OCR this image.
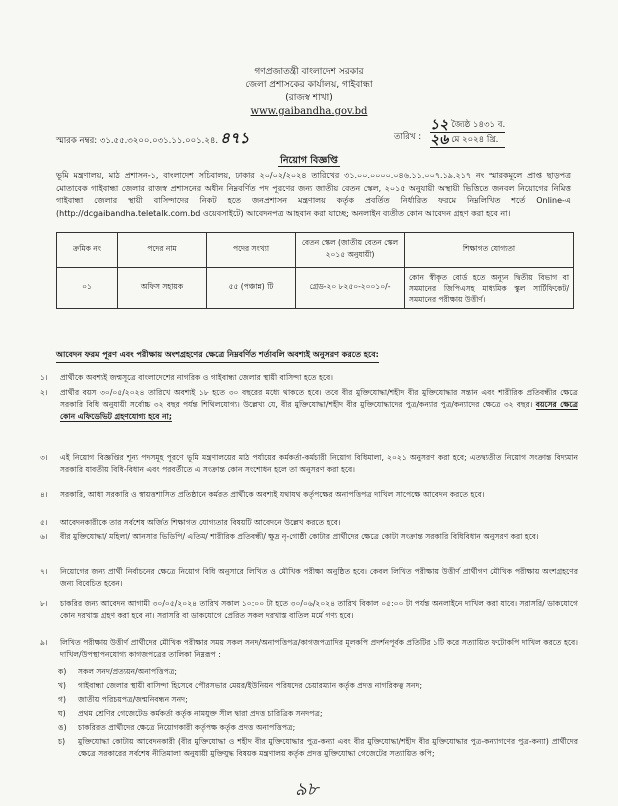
গণপ্রজাতন্ত্রী বাংলাদেশ সরকার
জেলা প্রশাসকের কার্যালয়, গাইবান্ধা
(রাজস্ব শাখা)
www.gaibandha.gov.bd
স্মারক নম্বর: ৩১.৫৫.৩২০০.০৩১.১১.০০১.২৪. ৪৭১	তারিখ :
১২ জ্যৈষ্ঠ ১৪৩১ ব.
২৬ মে ২০২৪ খ্রি.
নিয়োগ বিজ্ঞপ্তি
ভূমি মন্ত্রণালয়, মাঠ প্রশাসন-১, বাংলাদেশ সচিবালয়, ঢাকার ২০/০২/২০২৪ তারিখের ৩১.০০.০০০০.০৪৬.১১.০০৭.১৯.২১৭ নং স্মারকমূলে প্রাপ্ত ছাড়পত্র মোতাবেক গাইবান্ধা জেলার রাজস্ব প্রশাসনের অধীন নিম্নবর্ণিত পদ পূরণের জন্য জাতীয় বেতন স্কেল, ২০১৫ অনুযায়ী অস্থায়ী ভিত্তিতে জনবল নিয়োগের নিমিত্ত গাইবান্ধা জেলার স্থায়ী বাসিন্দাদের নিকট হতে জনপ্রশাসন মন্ত্রণালয় কর্তৃক প্রবর্তিত নির্ধারিত ফরমে নিম্নলিখিত শর্তে Online-এ (http://dcgaibandha.teletalk.com.bd ওয়েবসাইটে) আবেদনপত্র আহবান করা যাচ্ছে; অনলাইন ব্যতীত কোন আবেদন গ্রহণ করা হবে না।
ক্রমিক নং	পদের নাম	পদের সংখ্যা	বেতন স্কেল (জাতীয় বেতন স্কেল ২০১৫ অনুযায়ী)	শিক্ষাগত যোগ্যতা
০১	অফিস সহায়ক	৫৫ (পঞ্চান্ন) টি	গ্রেড-২০ ৮২৫০-২০০১০/-	কোন স্বীকৃত বোর্ড হতে অন্যূন দ্বিতীয় বিভাগ বা সমমানের জিপিএসহ মাধ্যমিক স্কুল সার্টিফিকেট/ সমমানের পরীক্ষায় উত্তীর্ণ।
আবেদন ফরম পূরণ এবং পরীক্ষায় অংশগ্রহণের ক্ষেত্রে নিম্নবর্ণিত শর্তাবলি অবশ্যই অনুসরণ করতে হবে:
১।	প্রার্থীকে অবশ্যই জন্মসূত্রে বাংলাদেশের নাগরিক ও গাইবান্ধা জেলার স্থায়ী বাসিন্দা হতে হবে।
২।	প্রার্থীর বয়স ৩০/০৫/২০২৪ তারিখে অবশ্যই ১৮ হতে ৩০ বছরের মধ্যে থাকতে হবে। তবে বীর মুক্তিযোদ্ধা/শহীদ বীর মুক্তিযোদ্ধার সন্তান এবং শারীরিক প্রতিবন্ধীর ক্ষেত্রে সরকারি বিধি অনুযায়ী সর্বোচ্চ ৩২ বছর পর্যন্ত শিথিলযোগ্য। উল্লেখ্য যে, বীর মুক্তিযোদ্ধা/শহীদ বীর মুক্তিযোদ্ধাদের পুত্র/কন্যার পুত্র/কন্যাদের ক্ষেত্রে ৩২ বছর। বয়সের ক্ষেত্রে কোন এফিডেভিট গ্রহণযোগ্য হবে না;
৩।	এই নিয়োগ বিজ্ঞপ্তির শূন্য পদসমূহ পূরণে ভূমি মন্ত্রণালয়ের মাঠ পর্যায়ের কর্মকর্তা-কর্মচারী নিয়োগ বিধিমালা, ২০২১ অনুসরণ করা হবে; এতদ্ব্যতীত নিয়োগ সংক্রান্ত বিদ্যমান সরকারি যাবতীয় বিধি-বিধান এবং পরবর্তীতে এ সংক্রান্ত কোন সংশোধন হলে তা অনুসরণ করা হবে।
৪।	সরকারি, আধা সরকারি ও স্বায়ত্তশাসিত প্রতিষ্ঠানে কর্মরত প্রার্থীকে অবশ্যই যথাযথ কর্তৃপক্ষের অনাপত্তিপত্র দাখিল সাপেক্ষে আবেদন করতে হবে।
৫।	আবেদনকারীকে তার সর্বশেষ অর্জিত শিক্ষাগত যোগ্যতার বিষয়টি আবেদনে উল্লেখ করতে হবে।
৬।	বীর মুক্তিযোদ্ধা/ মহিলা/ আনসার ভিডিপি/ এতিম/ শারীরিক প্রতিবন্ধী/ ক্ষুদ্র নৃ-গোষ্ঠী কোটার প্রার্থীদের ক্ষেত্রে কোটা সংক্রান্ত সরকারি বিধিবিধান অনুসরণ করা হবে।
৭।	নিয়োগের জন্য প্রার্থী নির্বাচনের ক্ষেত্রে নিয়োগ বিধি অনুসারে লিখিত ও মৌখিক পরীক্ষা অনুষ্ঠিত হবে। কেবল লিখিত পরীক্ষায় উত্তীর্ণ প্রার্থীগণ মৌখিক পরীক্ষায় অংশগ্রহণের জন্য বিবেচিত হবেন।
৮।	চাকরির জন্য আবেদন আগামী ৩০/০৫/২০২৪ তারিখ সকাল ১০:০০ টা হতে ৩০/০৬/২০২৪ তারিখ বিকাল ০৫:০০ টা পর্যন্ত অনলাইনে দাখিল করা যাবে। সরাসরি/ ডাকযোগে কোন দরখাস্ত গ্রহণ করা হবে না। সরাসরি বা ডাকযোগে প্রেরিত সকল দরখাস্ত বাতিল মর্মে গণ্য হবে।
৯।	লিখিত পরীক্ষায় উত্তীর্ণ প্রার্থীদের মৌখিক পরীক্ষার সময় সকল সনদ/অনাপত্তিপত্র/কাগজপত্রাদির মূলকপি প্রদর্শনপূর্বক প্রতিটির ১টি করে সত্যায়িত ফটোকপি দাখিল করতে হবে। দাখিল/উপস্থাপনযোগ্য কাগজপত্রের তালিকা নিম্নরূপ :
ক)	সকল সনদ/প্রত্যয়ন/অনাপত্তিপত্র;
খ)	গাইবান্ধা জেলার স্থায়ী বাসিন্দা হিসেবে পৌরসভার মেয়র/ইউনিয়ন পরিষদের চেয়ারম্যান কর্তৃক প্রদত্ত নাগরিকত্ব সনদ;
গ)	জাতীয় পরিচয়পত্র/জন্মনিবন্ধন সনদ;
ঘ)	প্রথম শ্রেণির গেজেটেড কর্মকর্তা কর্তৃক নামযুক্ত সীল দ্বারা প্রদত্ত চারিত্রিক সনদপত্র;
ঙ)	চাকরিরত প্রার্থীদের ক্ষেত্রে নিয়োগকারী কর্তৃপক্ষ কর্তৃক প্রদত্ত অনাপত্তিপত্র;
চ)	মুক্তিযোদ্ধা কোটায় আবেদনকারী (বীর মুক্তিযোদ্ধা ও শহীদ বীর মুক্তিযোদ্ধার পুত্র-কন্যা এবং বীর মুক্তিযোদ্ধা/শহীদ বীর মুক্তিযোদ্ধার পুত্র-কন্যাগণের পুত্র-কন্যা) প্রার্থীদের ক্ষেত্রে সরকারের সর্বশেষ নীতিমালা অনুযায়ী মুক্তিযুদ্ধ বিষয়ক মন্ত্রণালয় কর্তৃক প্রদত্ত মুক্তিযোদ্ধা গেজেটের সত্যায়িত কপি;
৯৮
